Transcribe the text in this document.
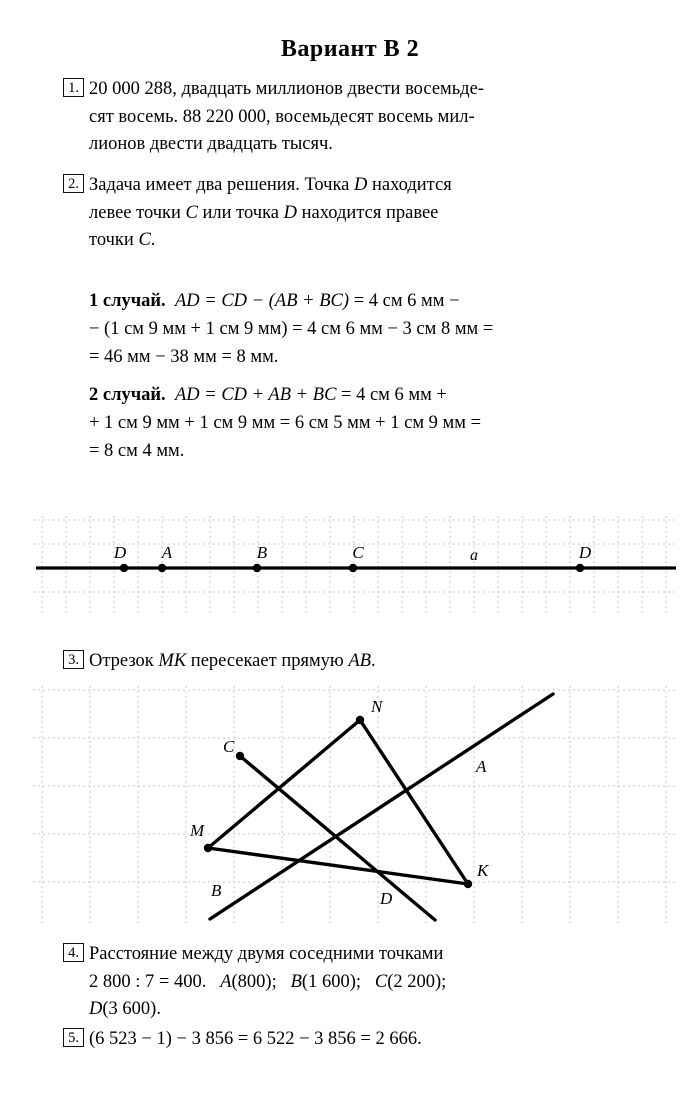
Вариант В 2
1. 20 000 288, двадцать миллионов двести восемьде-

сят восемь. 88 220 000, восемьдесят восемь мил-

лионов двести двадцать тысяч.

2. Задача имеет два решения. Точка D находится

левее точки C или точка D находится правее

точки C.

1 случай. AD = CD − (AB + BC) = 4 см 6 мм −

− (1 см 9 мм + 1 см 9 мм) = 4 см 6 мм − 3 см 8 мм =

= 46 мм − 38 мм = 8 мм.

2 случай. AD = CD + AB + BC = 4 см 6 мм +

+ 1 см 9 мм + 1 см 9 мм = 6 см 5 мм + 1 см 9 мм =

= 8 см 4 мм.

D A	B	C	D
a
3. Отрезок MK пересекает прямую AB.

N
C
A
M
K
B	D
4. Расстояние между двумя соседними точками

2 800 : 7 = 400. A(800); B(1 600); C(2 200);

D(3 600).

5. (6 523 − 1) − 3 856 = 6 522 − 3 856 = 2 666.
